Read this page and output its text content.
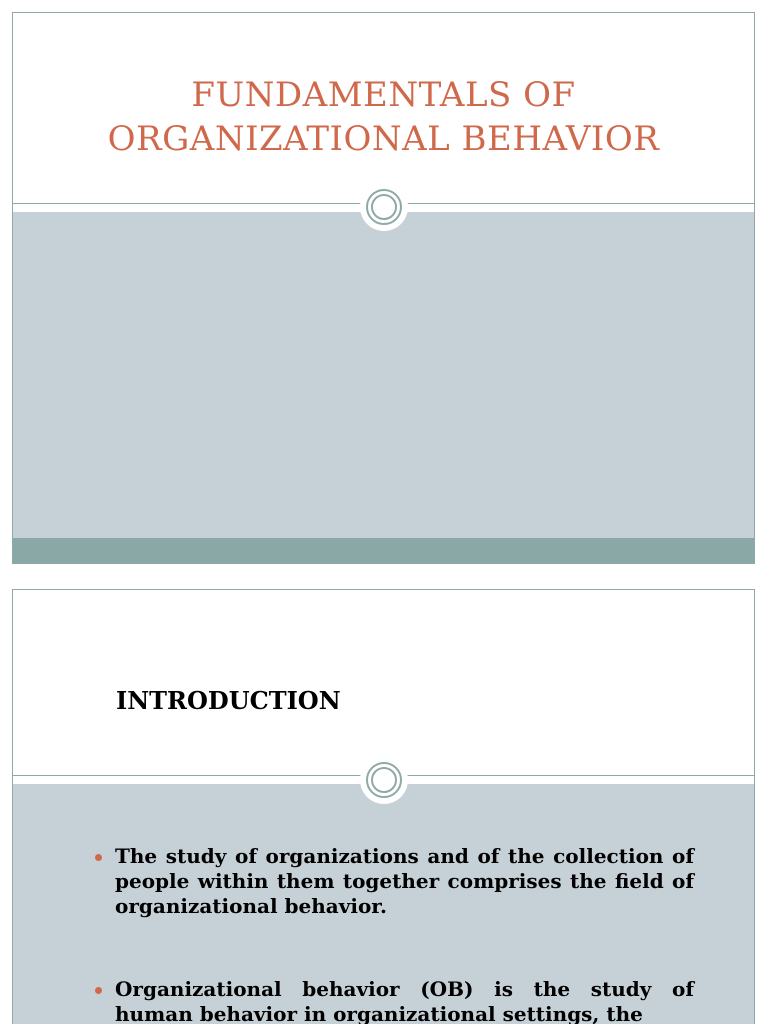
FUNDAMENTALS OF
ORGANIZATIONAL BEHAVIOR
INTRODUCTION
The study of organizations and of the collection of people within them together comprises the field of organizational behavior.
Organizational behavior (OB) is the study of human behavior in organizational settings, the
